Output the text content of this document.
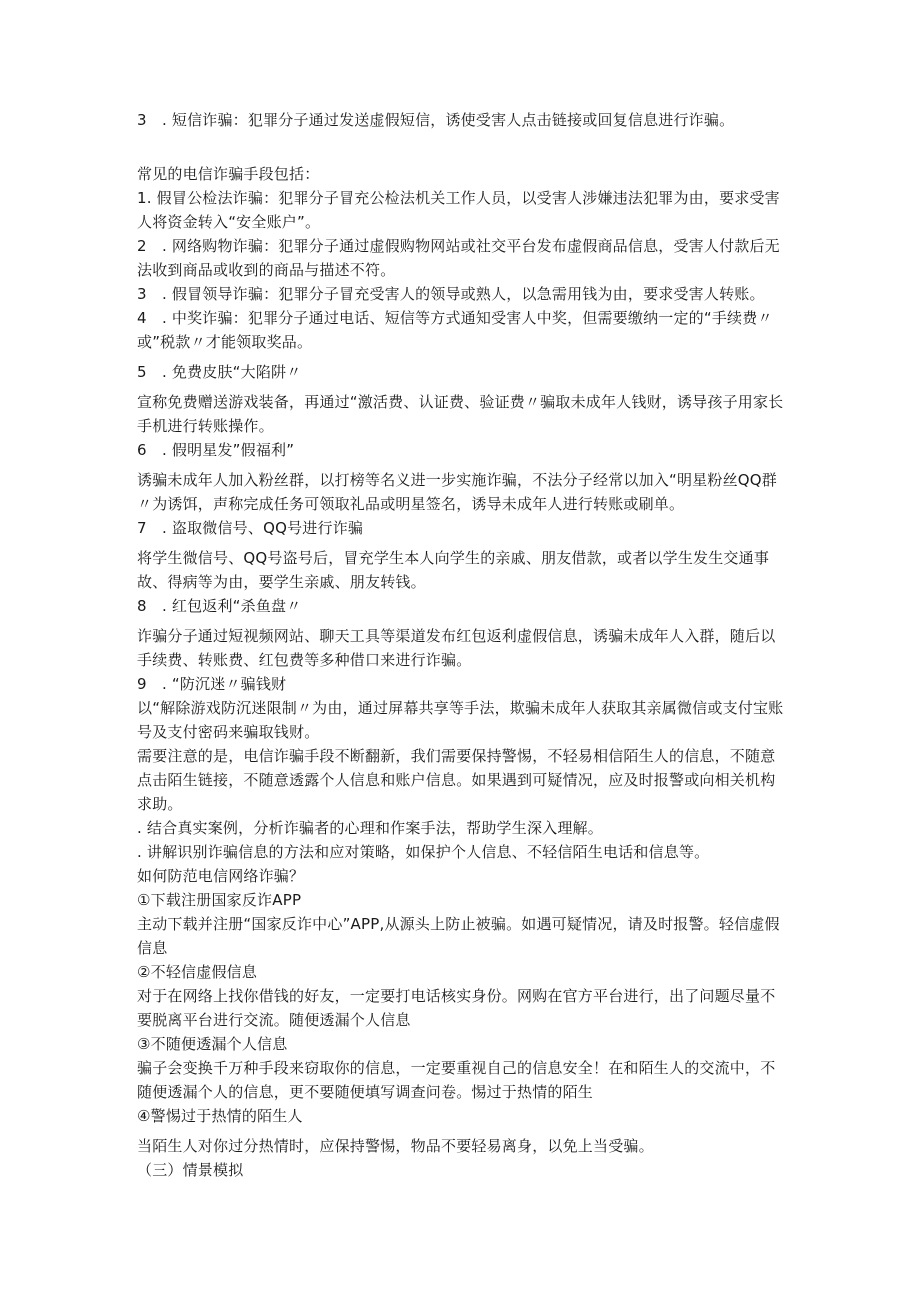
3　. 短信诈骗：犯罪分子通过发送虚假短信，诱使受害人点击链接或回复信息进行诈骗。

常见的电信诈骗手段包括：

1. 假冒公检法诈骗：犯罪分子冒充公检法机关工作人员，以受害人涉嫌违法犯罪为由，要求受害人将资金转入“安全账户”。

2　. 网络购物诈骗：犯罪分子通过虚假购物网站或社交平台发布虚假商品信息，受害人付款后无法收到商品或收到的商品与描述不符。

3　. 假冒领导诈骗：犯罪分子冒充受害人的领导或熟人，以急需用钱为由，要求受害人转账。

4　. 中奖诈骗：犯罪分子通过电话、短信等方式通知受害人中奖，但需要缴纳一定的“手续费〃或”税款〃才能领取奖品。

5　. 免费皮肤“大陷阱〃

宣称免费赠送游戏装备，再通过“激活费、认证费、验证费〃骗取未成年人钱财，诱导孩子用家长手机进行转账操作。

6　. 假明星发”假福利”

诱骗未成年人加入粉丝群，以打榜等名义进一步实施诈骗，不法分子经常以加入“明星粉丝QQ群〃为诱饵，声称完成任务可领取礼品或明星签名，诱导未成年人进行转账或刷单。

7　. 盗取微信号、QQ号进行诈骗

将学生微信号、QQ号盗号后，冒充学生本人向学生的亲戚、朋友借款，或者以学生发生交通事故、得病等为由，要学生亲戚、朋友转钱。

8　. 红包返利“杀鱼盘〃

诈骗分子通过短视频网站、聊天工具等渠道发布红包返利虚假信息，诱骗未成年人入群，随后以手续费、转账费、红包费等多种借口来进行诈骗。

9　. “防沉迷〃骗钱财

以“解除游戏防沉迷限制〃为由，通过屏幕共享等手法，欺骗未成年人获取其亲属微信或支付宝账号及支付密码来骗取钱财。

需要注意的是，电信诈骗手段不断翻新，我们需要保持警惕，不轻易相信陌生人的信息，不随意点击陌生链接，不随意透露个人信息和账户信息。如果遇到可疑情况，应及时报警或向相关机构求助。

. 结合真实案例，分析诈骗者的心理和作案手法，帮助学生深入理解。

. 讲解识别诈骗信息的方法和应对策略，如保护个人信息、不轻信陌生电话和信息等。

如何防范电信网络诈骗？

①下载注册国家反诈APP

主动下载并注册“国家反诈中心”APP,从源头上防止被骗。如遇可疑情况，请及时报警。轻信虚假信息

②不轻信虚假信息

对于在网络上找你借钱的好友，一定要打电话核实身份。网购在官方平台进行，出了问题尽量不要脱离平台进行交流。随便透漏个人信息

③不随便透漏个人信息

骗子会变换千万种手段来窃取你的信息，一定要重视自己的信息安全！在和陌生人的交流中，不随便透漏个人的信息，更不要随便填写调查问卷。惕过于热情的陌生

④警惕过于热情的陌生人

当陌生人对你过分热情时，应保持警惕，物品不要轻易离身，以免上当受骗。

（三）情景模拟
